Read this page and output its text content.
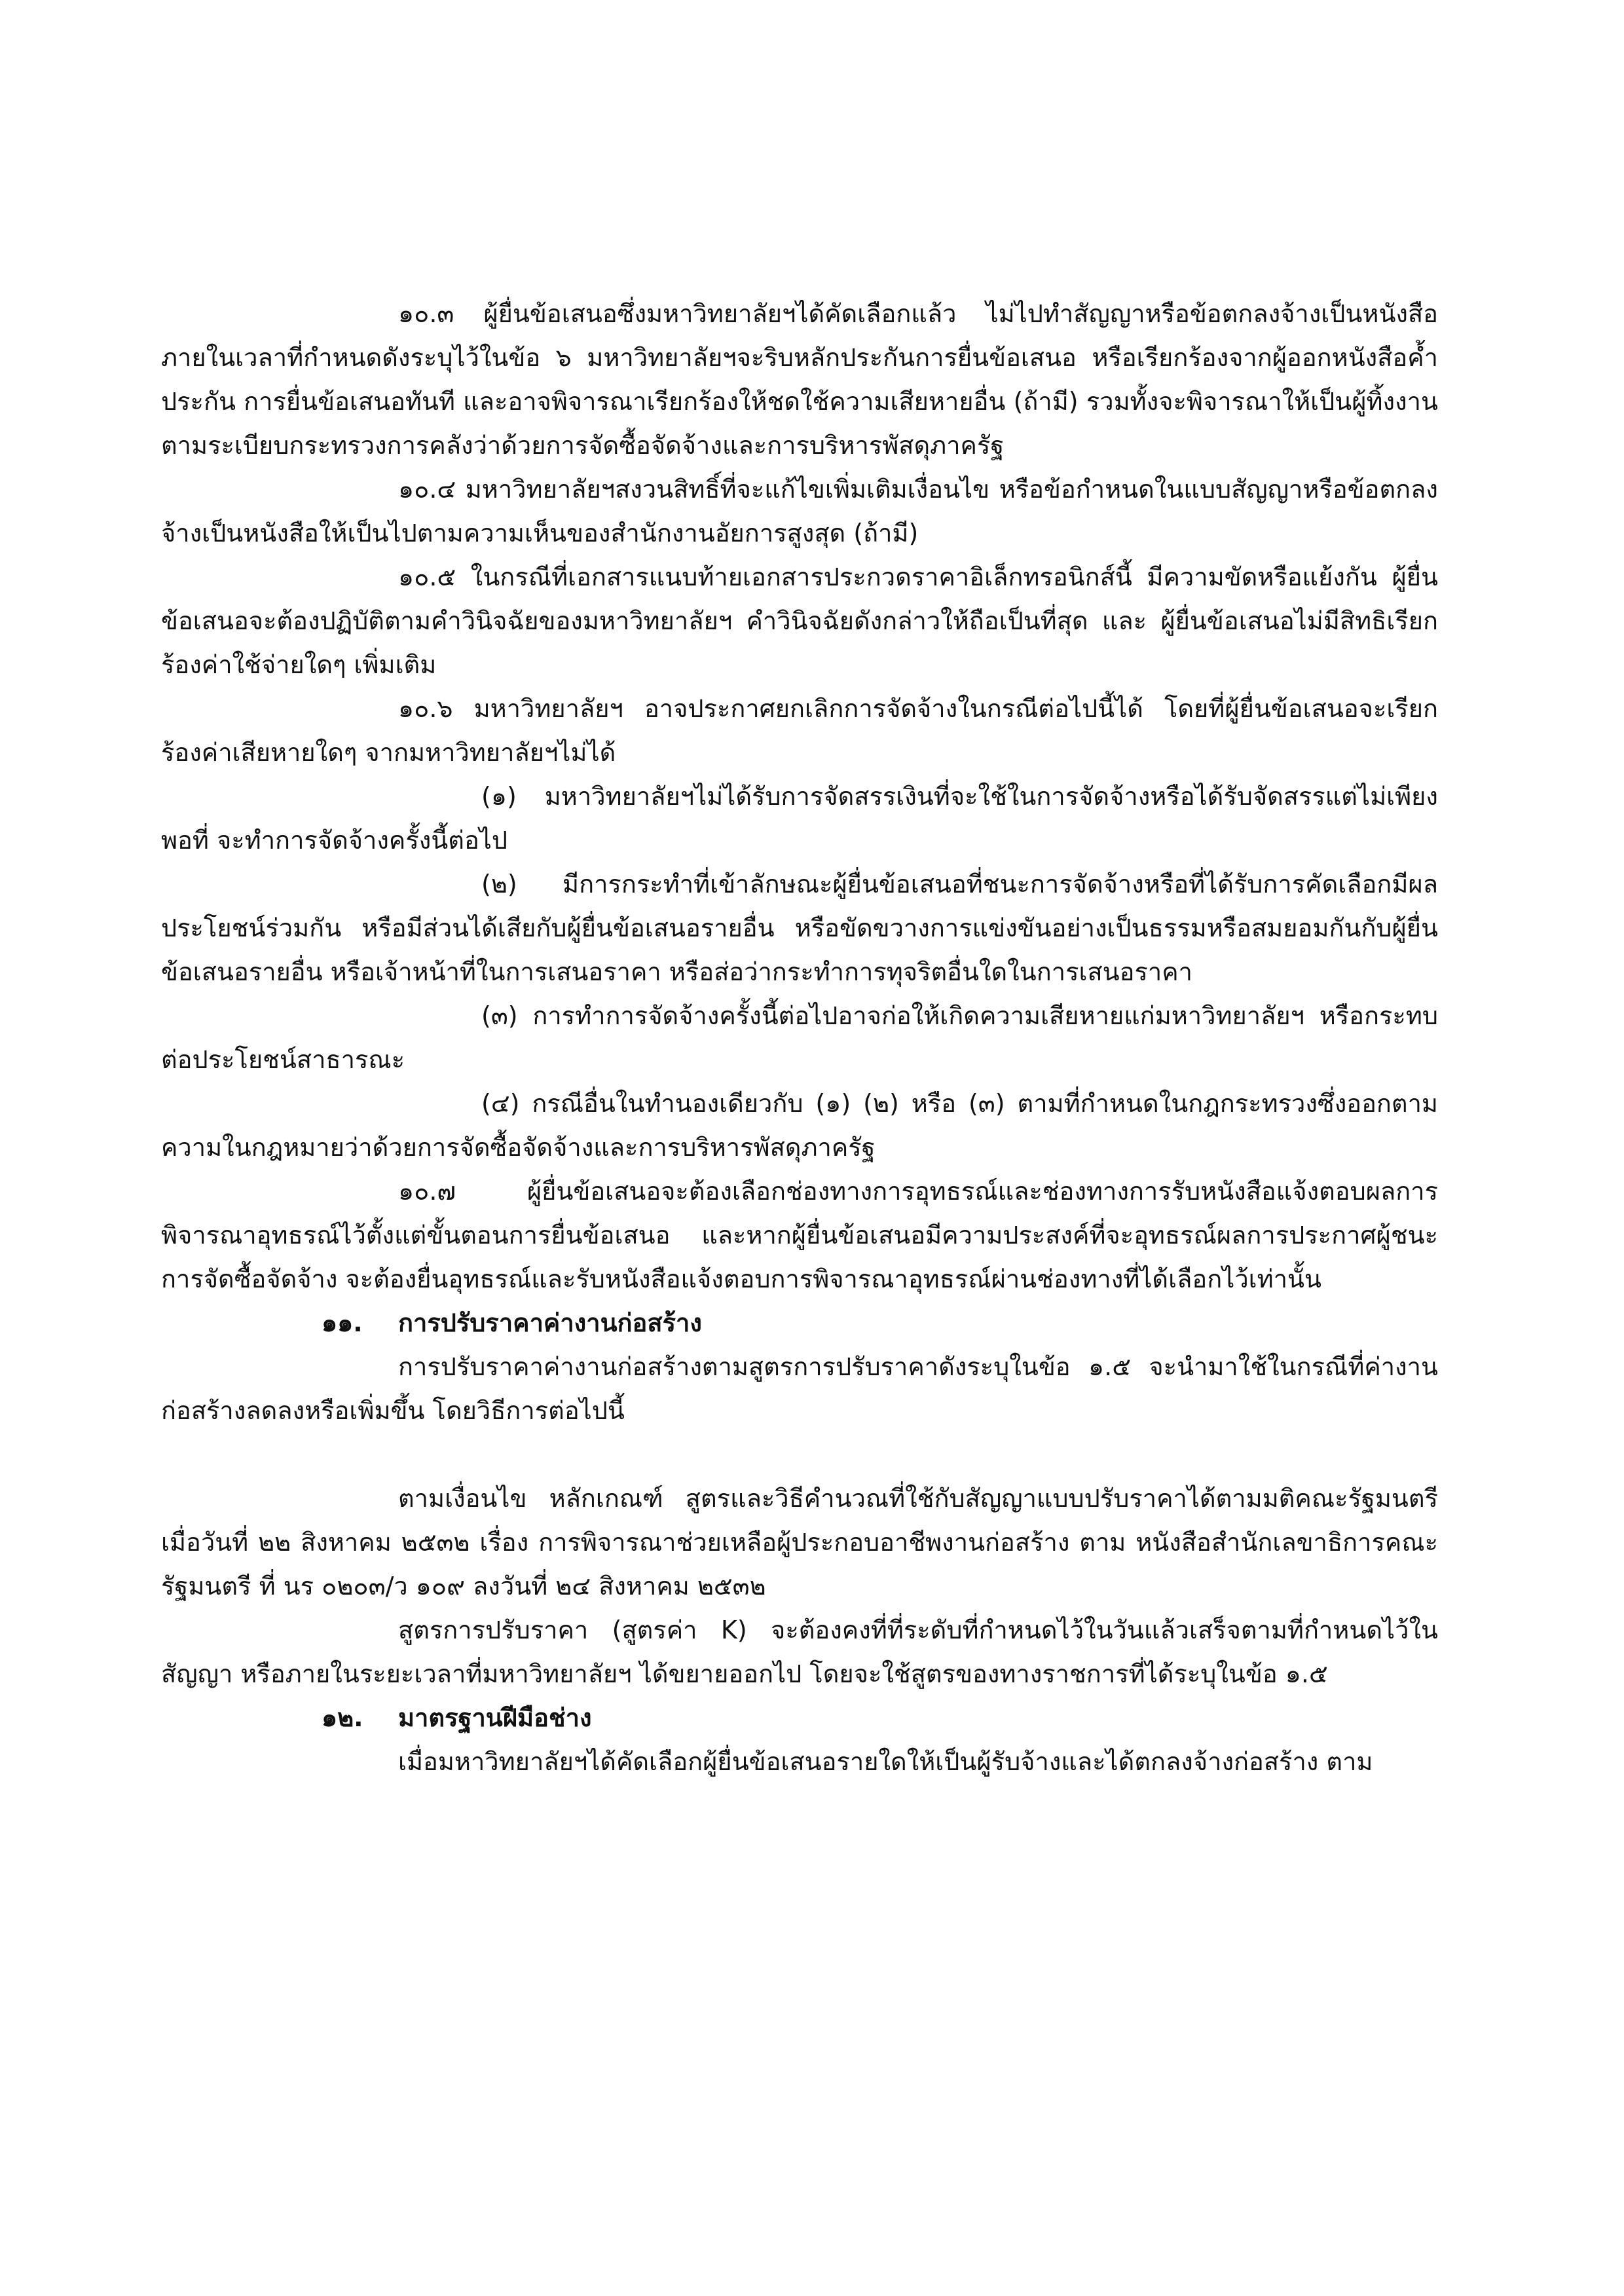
๑๐.๓ ผู้ยื่นข้อเสนอซึ่งมหาวิทยาลัยฯได้คัดเลือกแล้ว ไม่ไปทำสัญญาหรือข้อตกลงจ้างเป็นหนังสือภายในเวลาที่กำหนดดังระบุไว้ในข้อ ๖ มหาวิทยาลัยฯจะริบหลักประกันการยื่นข้อเสนอ หรือเรียกร้องจากผู้ออกหนังสือค้ำประกัน การยื่นข้อเสนอทันที และอาจพิจารณาเรียกร้องให้ชดใช้ความเสียหายอื่น (ถ้ามี) รวมทั้งจะพิจารณาให้เป็นผู้ทิ้งงาน ตามระเบียบกระทรวงการคลังว่าด้วยการจัดซื้อจัดจ้างและการบริหารพัสดุภาครัฐ

๑๐.๔ มหาวิทยาลัยฯสงวนสิทธิ์ที่จะแก้ไขเพิ่มเติมเงื่อนไข หรือข้อกำหนดในแบบสัญญาหรือข้อตกลงจ้างเป็นหนังสือให้เป็นไปตามความเห็นของสำนักงานอัยการสูงสุด (ถ้ามี)

๑๐.๕ ในกรณีที่เอกสารแนบท้ายเอกสารประกวดราคาอิเล็กทรอนิกส์นี้ มีความขัดหรือแย้งกัน ผู้ยื่นข้อเสนอจะต้องปฏิบัติตามคำวินิจฉัยของมหาวิทยาลัยฯ คำวินิจฉัยดังกล่าวให้ถือเป็นที่สุด และ ผู้ยื่นข้อเสนอไม่มีสิทธิเรียกร้องค่าใช้จ่ายใดๆ เพิ่มเติม

๑๐.๖ มหาวิทยาลัยฯ อาจประกาศยกเลิกการจัดจ้างในกรณีต่อไปนี้ได้ โดยที่ผู้ยื่นข้อเสนอจะเรียกร้องค่าเสียหายใดๆ จากมหาวิทยาลัยฯไม่ได้

(๑) มหาวิทยาลัยฯไม่ได้รับการจัดสรรเงินที่จะใช้ในการจัดจ้างหรือได้รับจัดสรรแต่ไม่เพียงพอที่ จะทำการจัดจ้างครั้งนี้ต่อไป

(๒) มีการกระทำที่เข้าลักษณะผู้ยื่นข้อเสนอที่ชนะการจัดจ้างหรือที่ได้รับการคัดเลือกมีผลประโยชน์ร่วมกัน หรือมีส่วนได้เสียกับผู้ยื่นข้อเสนอรายอื่น หรือขัดขวางการแข่งขันอย่างเป็นธรรมหรือสมยอมกันกับผู้ยื่นข้อเสนอรายอื่น หรือเจ้าหน้าที่ในการเสนอราคา หรือส่อว่ากระทำการทุจริตอื่นใดในการเสนอราคา

(๓) การทำการจัดจ้างครั้งนี้ต่อไปอาจก่อให้เกิดความเสียหายแก่มหาวิทยาลัยฯ หรือกระทบต่อประโยชน์สาธารณะ

(๔) กรณีอื่นในทำนองเดียวกับ (๑) (๒) หรือ (๓) ตามที่กำหนดในกฎกระทรวงซึ่งออกตามความในกฎหมายว่าด้วยการจัดซื้อจัดจ้างและการบริหารพัสดุภาครัฐ

๑๐.๗ ผู้ยื่นข้อเสนอจะต้องเลือกช่องทางการอุทธรณ์และช่องทางการรับหนังสือแจ้งตอบผลการพิจารณาอุทธรณ์ไว้ตั้งแต่ขั้นตอนการยื่นข้อเสนอ และหากผู้ยื่นข้อเสนอมีความประสงค์ที่จะอุทธรณ์ผลการประกาศผู้ชนะการจัดซื้อจัดจ้าง จะต้องยื่นอุทธรณ์และรับหนังสือแจ้งตอบการพิจารณาอุทธรณ์ผ่านช่องทางที่ได้เลือกไว้เท่านั้น

๑๑. การปรับราคาค่างานก่อสร้าง

การปรับราคาค่างานก่อสร้างตามสูตรการปรับราคาดังระบุในข้อ ๑.๕ จะนำมาใช้ในกรณีที่ค่างานก่อสร้างลดลงหรือเพิ่มขึ้น โดยวิธีการต่อไปนี้

ตามเงื่อนไข หลักเกณฑ์ สูตรและวิธีคำนวณที่ใช้กับสัญญาแบบปรับราคาได้ตามมติคณะรัฐมนตรีเมื่อวันที่ ๒๒ สิงหาคม ๒๕๓๒ เรื่อง การพิจารณาช่วยเหลือผู้ประกอบอาชีพงานก่อสร้าง ตาม หนังสือสำนักเลขาธิการคณะรัฐมนตรี ที่ นร ๐๒๐๓/ว ๑๐๙ ลงวันที่ ๒๔ สิงหาคม ๒๕๓๒

สูตรการปรับราคา (สูตรค่า K) จะต้องคงที่ที่ระดับที่กำหนดไว้ในวันแล้วเสร็จตามที่กำหนดไว้ในสัญญา หรือภายในระยะเวลาที่มหาวิทยาลัยฯ ได้ขยายออกไป โดยจะใช้สูตรของทางราชการที่ได้ระบุในข้อ ๑.๕

๑๒. มาตรฐานฝีมือช่าง

เมื่อมหาวิทยาลัยฯได้คัดเลือกผู้ยื่นข้อเสนอรายใดให้เป็นผู้รับจ้างและได้ตกลงจ้างก่อสร้าง ตาม
